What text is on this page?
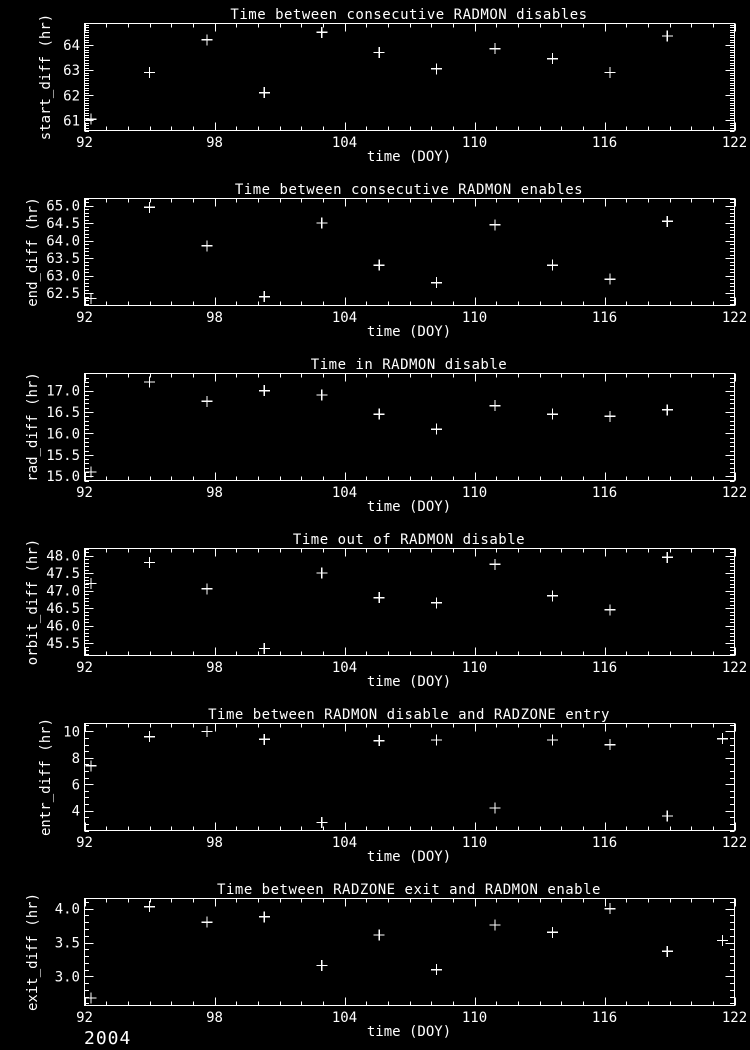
Time between consecutive RADMON disables
92	98	104	110	116	122
61
62
63
64
time (DOY)
start_diff (hr)
Time between consecutive RADMON enables
92	98	104	110	116	122
62.5
63.0
63.5
64.0
64.5
65.0
time (DOY)
end_diff (hr)
Time in RADMON disable
92	98	104	110	116	122
15.0
15.5
16.0
16.5
17.0
time (DOY)
rad_diff (hr)
Time out of RADMON disable
92	98	104	110	116	122
45.5
46.0
46.5
47.0
47.5
48.0
time (DOY)
orbit_diff (hr)
Time between RADMON disable and RADZONE entry
92	98	104	110	116	122
4
6
8
10
time (DOY)
entr_diff (hr)
Time between RADZONE exit and RADMON enable
92	98	104	110	116	122
3.0
3.5
4.0
time (DOY)
exit_diff (hr)
2004
